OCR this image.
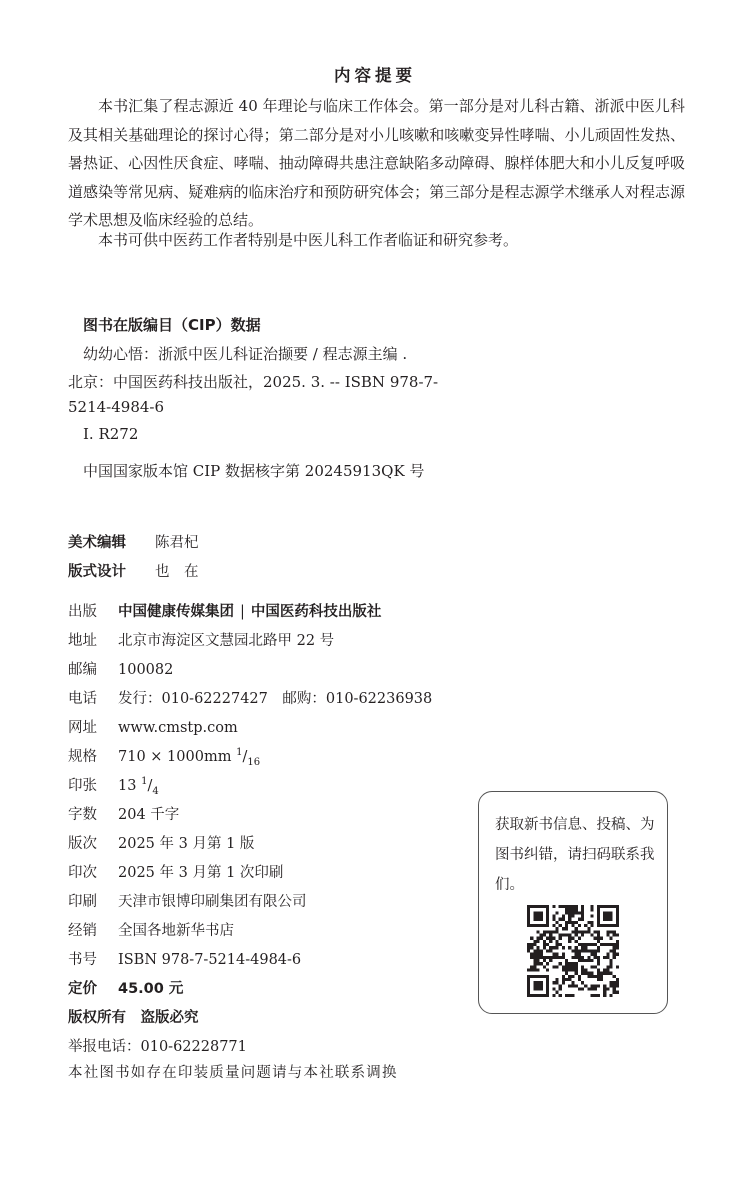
内容提要
本书汇集了程志源近 40 年理论与临床工作体会。第一部分是对儿科古籍、浙派中医儿科及其相关基础理论的探讨心得；第二部分是对小儿咳嗽和咳嗽变异性哮喘、小儿顽固性发热、暑热证、心因性厌食症、哮喘、抽动障碍共患注意缺陷多动障碍、腺样体肥大和小儿反复呼吸道感染等常见病、疑难病的临床治疗和预防研究体会；第三部分是程志源学术继承人对程志源学术思想及临床经验的总结。
本书可供中医药工作者特别是中医儿科工作者临证和研究参考。
图书在版编目（CIP）数据
幼幼心悟：浙派中医儿科证治撷要 / 程志源主编 .
北京：中国医药科技出版社，2025. 3. -- ISBN 978-7-
5214-4984-6
Ⅰ. R272
中国国家版本馆 CIP 数据核字第 20245913QK 号
美术编辑 陈君杞
版式设计 也　在
出版 中国健康传媒集团 | 中国医药科技出版社
地址 北京市海淀区文慧园北路甲 22 号
邮编 100082
电话 发行：010-62227427　邮购：010-62236938
网址 www.cmstp.com
规格 710 × 1000mm $^1/_{16}$
印张 13 $^1/_4$
字数 204 千字
版次 2025 年 3 月第 1 版
印次 2025 年 3 月第 1 次印刷
印刷 天津市银博印刷集团有限公司
经销 全国各地新华书店
书号 ISBN 978-7-5214-4984-6
定价 45.00 元
版权所有　盗版必究
举报电话：010-62228771
本社图书如存在印装质量问题请与本社联系调换
获取新书信息、投稿、为图书纠错，请扫码联系我们。
